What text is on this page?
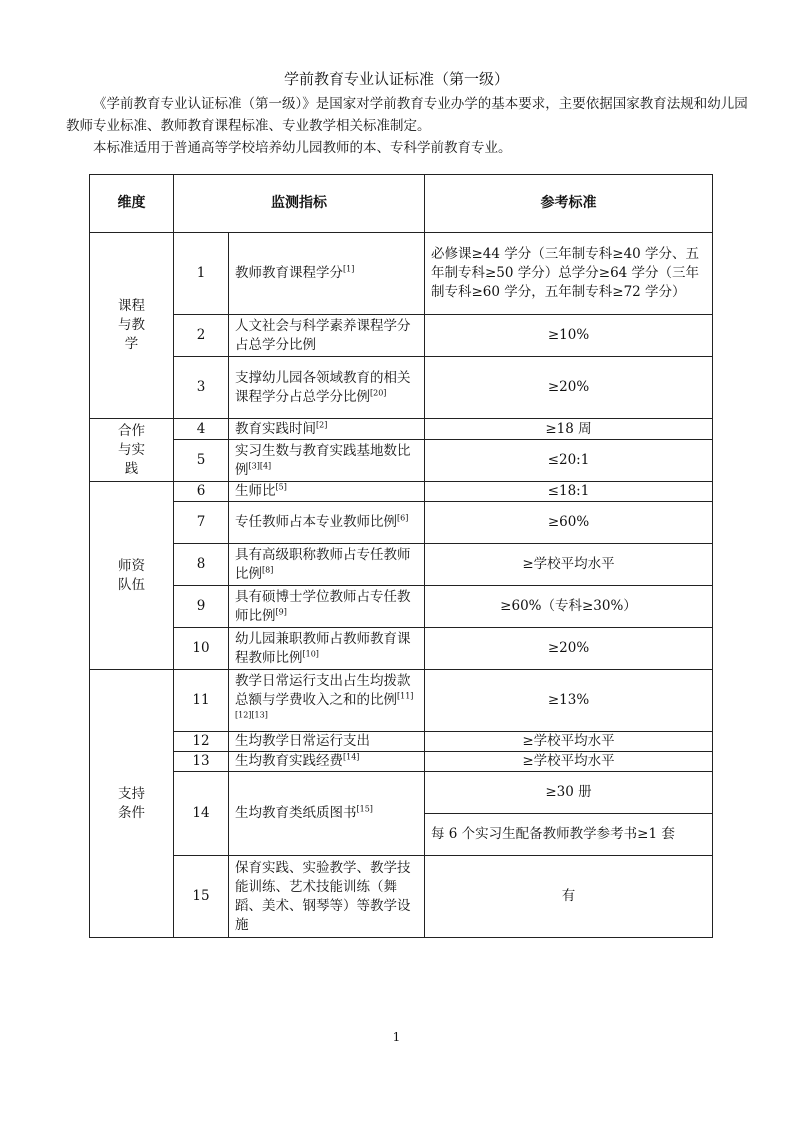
学前教育专业认证标准（第一级）
《学前教育专业认证标准（第一级）》是国家对学前教育专业办学的基本要求，主要依据国家教育法规和幼儿园教师专业标准、教师教育课程标准、专业教学相关标准制定。
本标准适用于普通高等学校培养幼儿园教师的本、专科学前教育专业。
维度	监测指标		参考标准
课程与教学	1	教师教育课程学分[1]	必修课≥44 学分（三年制专科≥40 学分、五年制专科≥50 学分）总学分≥64 学分（三年制专科≥60 学分，五年制专科≥72 学分）
	2	人文社会与科学素养课程学分占总学分比例	≥10%
	3	支撑幼儿园各领域教育的相关课程学分占总学分比例[20]	≥20%
合作与实践	4	教育实践时间[2]	≥18 周
	5	实习生数与教育实践基地数比例[3][4]	≤20:1
师资队伍	6	生师比[5]	≤18:1
	7	专任教师占本专业教师比例[6]	≥60%
	8	具有高级职称教师占专任教师比例[8]	≥学校平均水平
	9	具有硕博士学位教师占专任教师比例[9]	≥60%（专科≥30%）
	10	幼儿园兼职教师占教师教育课程教师比例[10]	≥20%
支持条件	11	教学日常运行支出占生均拨款总额与学费收入之和的比例[11][12][13]	≥13%
	12	生均教学日常运行支出	≥学校平均水平
	13	生均教育实践经费[14]	≥学校平均水平
	14	生均教育类纸质图书[15]	≥30 册
			每 6 个实习生配备教师教学参考书≥1 套
	15	保育实践、实验教学、教学技能训练、艺术技能训练（舞蹈、美术、钢琴等）等教学设施	有
1
